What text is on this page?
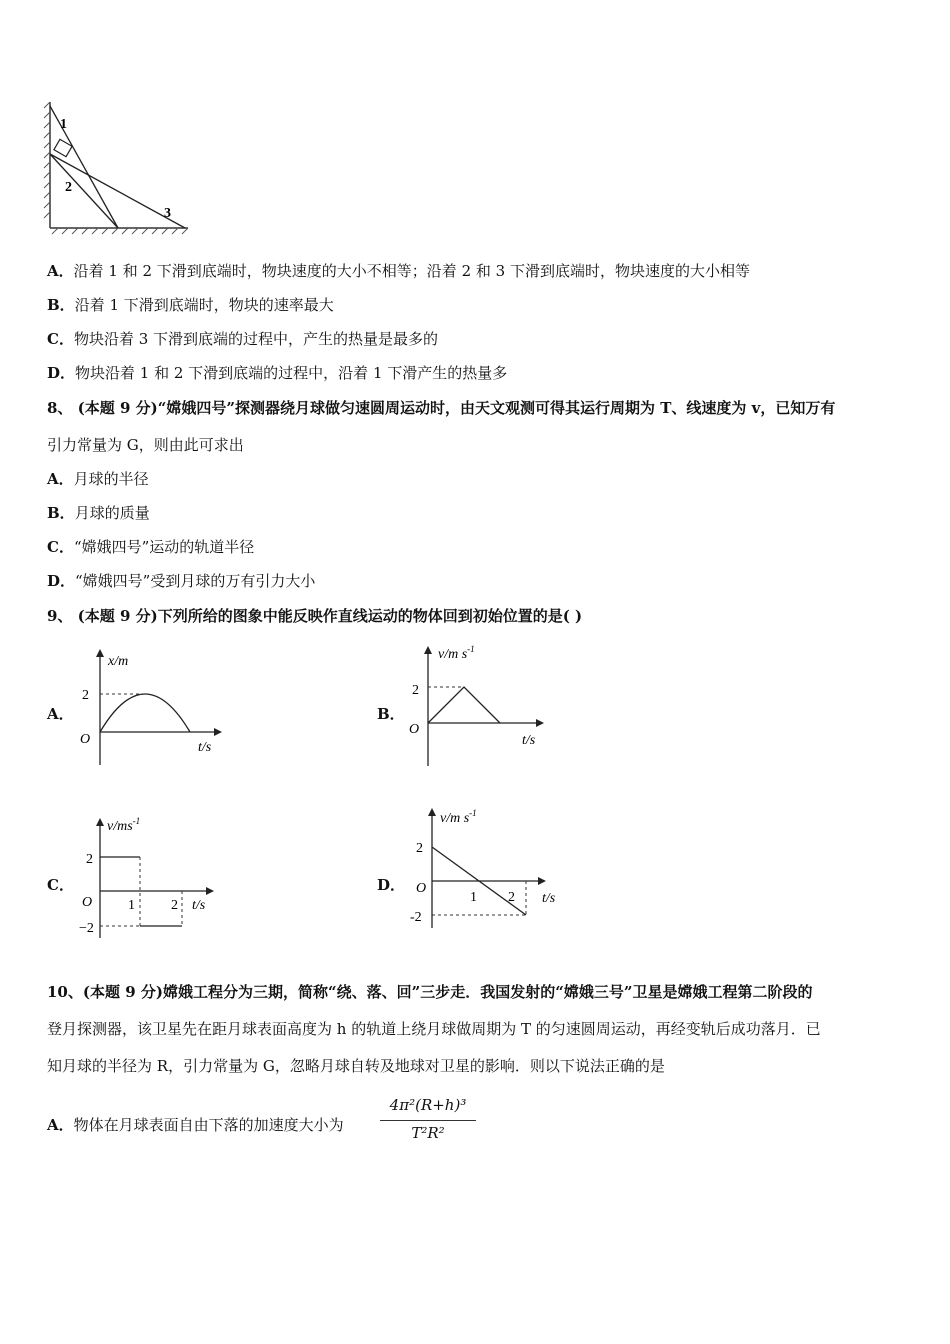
1
2
3
A．沿着 1 和 2 下滑到底端时，物块速度的大小不相等；沿着 2 和 3 下滑到底端时，物块速度的大小相等
B．沿着 1 下滑到底端时，物块的速率最大
C．物块沿着 3 下滑到底端的过程中，产生的热量是最多的
D．物块沿着 1 和 2 下滑到底端的过程中，沿着 1 下滑产生的热量多
8、 (本题 9 分)“嫦娥四号”探测器绕月球做匀速圆周运动时，由天文观测可得其运行周期为 T、线速度为 v，已知万有
引力常量为 G，则由此可求出
A．月球的半径
B．月球的质量
C．“嫦娥四号”运动的轨道半径
D．“嫦娥四号”受到月球的万有引力大小
9、 (本题 9 分)下列所给的图象中能反映作直线运动的物体回到初始位置的是( )
A．
x/m
2
O
t/s
B．
v/m $s^{-1}$
2
O
t/s
C．
$v/ms^{-1}$
2
O
−2
1	2 t/s
D．
v/m $s^{-1}$
2
O
-2
1 2 t/s
10、(本题 9 分)嫦娥工程分为三期，简称“绕、落、回”三步走．我国发射的“嫦娥三号”卫星是嫦娥工程第二阶段的
登月探测器，该卫星先在距月球表面高度为 h 的轨道上绕月球做周期为 T 的匀速圆周运动，再经变轨后成功落月．已
知月球的半径为 R，引力常量为 G，忽略月球自转及地球对卫星的影响．则以下说法正确的是
A．物体在月球表面自由下落的加速度大小为
4π²(R+h)³
T²R²
